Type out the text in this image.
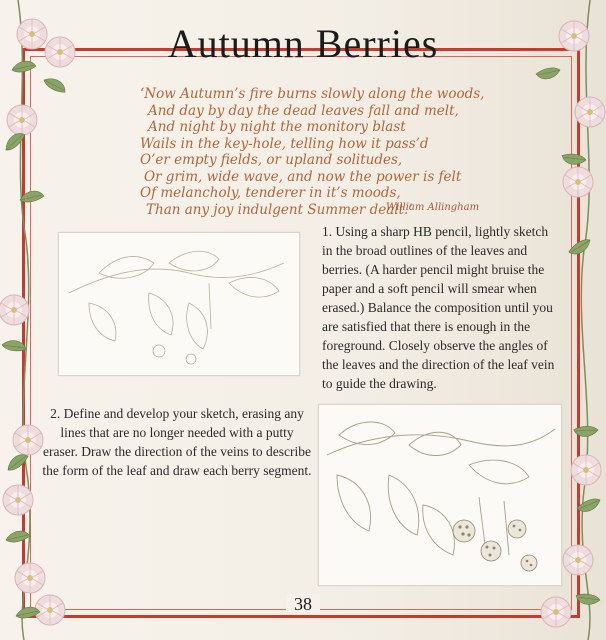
Autumn Berries
‘Now Autumn’s fire burns slowly along the woods,
And day by day the dead leaves fall and melt,
And night by night the monitory blast
Wails in the key-hole, telling how it pass’d
O’er empty fields, or upland solitudes,
Or grim, wide wave, and now the power is felt
Of melancholy, tenderer in it’s moods,
Than any joy indulgent Summer dealt.’
William Allingham
1. Using a sharp HB pencil, lightly sketch in the broad outlines of the leaves and berries. (A harder pencil might bruise the paper and a soft pencil will smear when erased.) Balance the composition until you are satisfied that there is enough in the foreground. Closely observe the angles of the leaves and the direction of the leaf vein to guide the drawing.
2. Define and develop your sketch, erasing any lines that are no longer needed with a putty eraser. Draw the direction of the veins to describe the form of the leaf and draw each berry segment.
38
